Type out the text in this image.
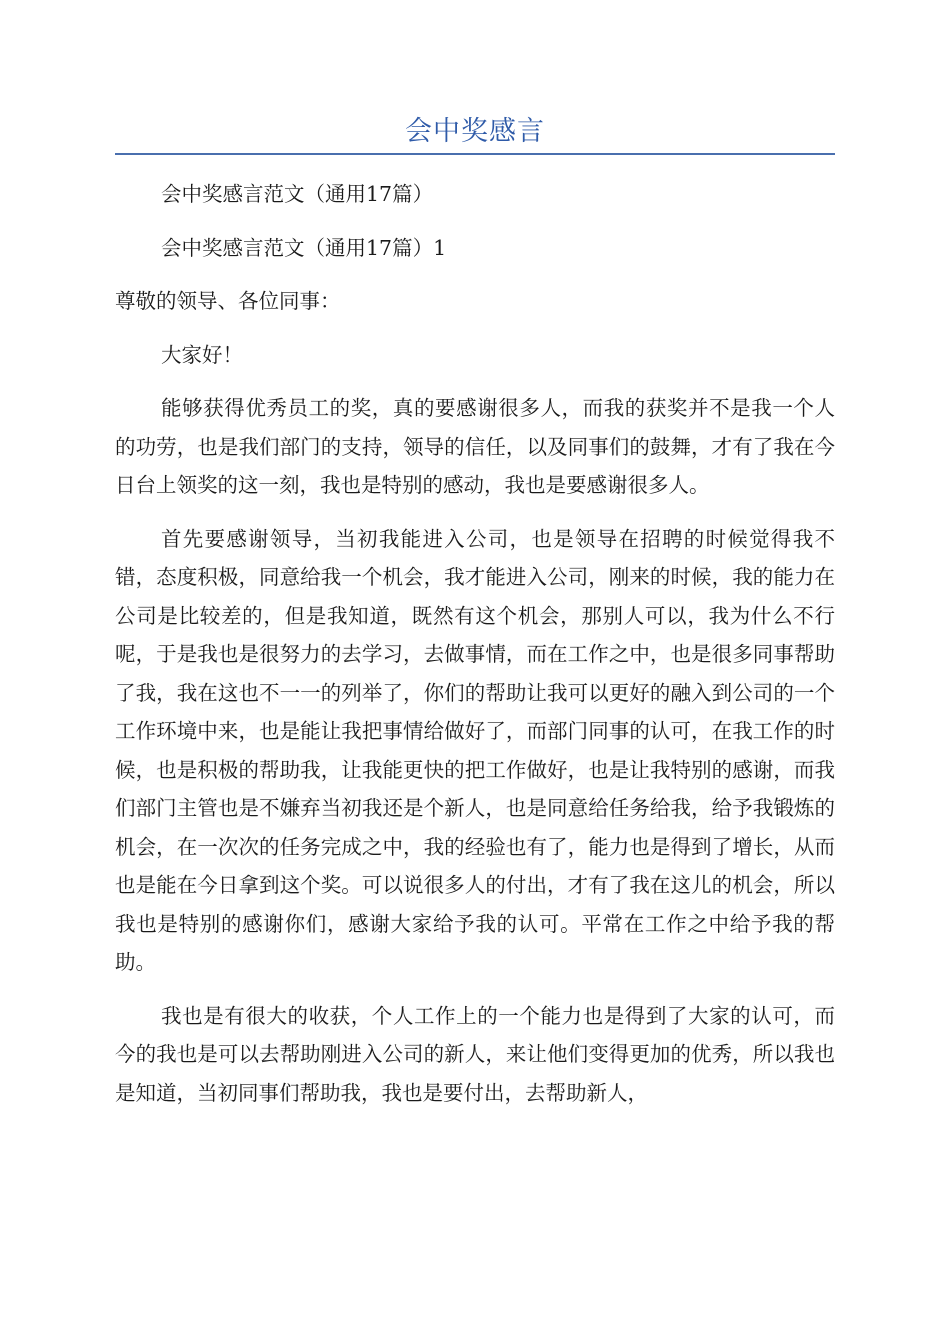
会中奖感言

会中奖感言范文（通用17篇）

会中奖感言范文（通用17篇）1

尊敬的领导、各位同事：

大家好！

能够获得优秀员工的奖，真的要感谢很多人，而我的获奖并不是我一个人的功劳，也是我们部门的支持，领导的信任，以及同事们的鼓舞，才有了我在今日台上领奖的这一刻，我也是特别的感动，我也是要感谢很多人。

首先要感谢领导，当初我能进入公司，也是领导在招聘的时候觉得我不错，态度积极，同意给我一个机会，我才能进入公司，刚来的时候，我的能力在公司是比较差的，但是我知道，既然有这个机会，那别人可以，我为什么不行呢，于是我也是很努力的去学习，去做事情，而在工作之中，也是很多同事帮助了我，我在这也不一一的列举了，你们的帮助让我可以更好的融入到公司的一个工作环境中来，也是能让我把事情给做好了，而部门同事的认可，在我工作的时候，也是积极的帮助我，让我能更快的把工作做好，也是让我特别的感谢，而我们部门主管也是不嫌弃当初我还是个新人，也是同意给任务给我，给予我锻炼的机会，在一次次的任务完成之中，我的经验也有了，能力也是得到了增长，从而也是能在今日拿到这个奖。可以说很多人的付出，才有了我在这儿的机会，所以我也是特别的感谢你们，感谢大家给予我的认可。平常在工作之中给予我的帮助。

我也是有很大的收获，个人工作上的一个能力也是得到了大家的认可，而今的我也是可以去帮助刚进入公司的新人，来让他们变得更加的优秀，所以我也是知道，当初同事们帮助我，我也是要付出，去帮助新人，
